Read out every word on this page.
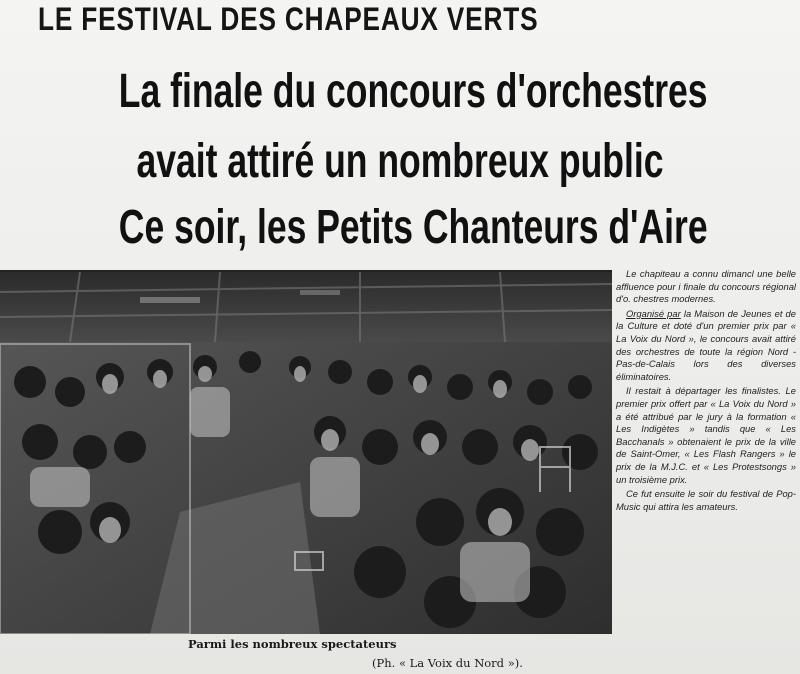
LE FESTIVAL DES CHAPEAUX VERTS
La finale du concours d'orchestres
avait attiré un nombreux public
Ce soir, les Petits Chanteurs d'Aire

Le chapiteau a connu dimancl une belle affluence pour i finale du concours régional d'o. chestres modernes.

Organisé par la Maison de Jeunes et de la Culture et doté d'un premier prix par « La Voix du Nord », le concours avait attiré des orchestres de toute la région Nord - Pas-de-Calais lors des diverses éliminatoires.

Il restait à départager les finalistes. Le premier prix offert par « La Voix du Nord » a été attribué par le jury à la formation « Les Indigètes » tandis que « Les Bacchanals » obtenaient le prix de la ville de Saint-Omer, « Les Flash Rangers » le prix de la M.J.C. et « Les Protestsongs » un troisième prix.

Ce fut ensuite le soir du festival de Pop-Music qui attira les amateurs.

Parmi les nombreux spectateurs
(Ph. « La Voix du Nord »).
